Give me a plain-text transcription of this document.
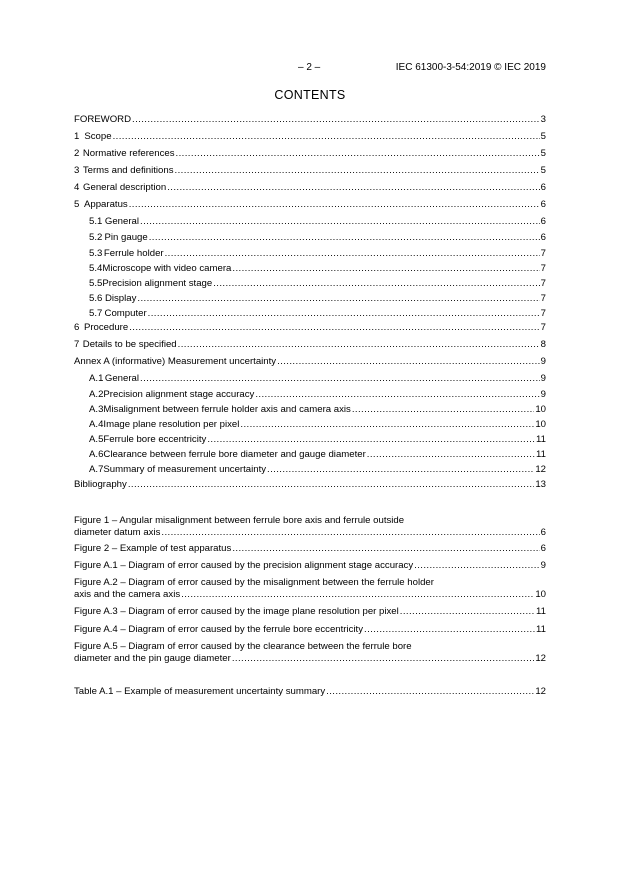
– 2 –	IEC 61300-3-54:2019 © IEC 2019
CONTENTS
FOREWORD .....	3
1 Scope .....	5
2 Normative references .....	5
3 Terms and definitions .....	5
4 General description .....	6
5 Apparatus .....	6
5.1 General .....	6
5.2 Pin gauge .....	6
5.3 Ferrule holder .....	7
5.4 Microscope with video camera .....	7
5.5 Precision alignment stage .....	7
5.6 Display .....	7
5.7 Computer .....	7
6 Procedure .....	7
7 Details to be specified .....	8
Annex A (informative) Measurement uncertainty .....	9
A.1 General .....	9
A.2 Precision alignment stage accuracy .....	9
A.3 Misalignment between ferrule holder axis and camera axis .....	10
A.4 Image plane resolution per pixel .....	10
A.5 Ferrule bore eccentricity .....	11
A.6 Clearance between ferrule bore diameter and gauge diameter .....	11
A.7 Summary of measurement uncertainty .....	12
Bibliography .....	13
Figure 1 – Angular misalignment between ferrule bore axis and ferrule outside
diameter datum axis .....	6
Figure 2 – Example of test apparatus .....	6
Figure A.1 – Diagram of error caused by the precision alignment stage accuracy .....	9
Figure A.2 – Diagram of error caused by the misalignment between the ferrule holder
axis and the camera axis .....	10
Figure A.3 – Diagram of error caused by the image plane resolution per pixel .....	11
Figure A.4 – Diagram of error caused by the ferrule bore eccentricity .....	11
Figure A.5 – Diagram of error caused by the clearance between the ferrule bore
diameter and the pin gauge diameter .....	12
Table A.1 – Example of measurement uncertainty summary .....	12
